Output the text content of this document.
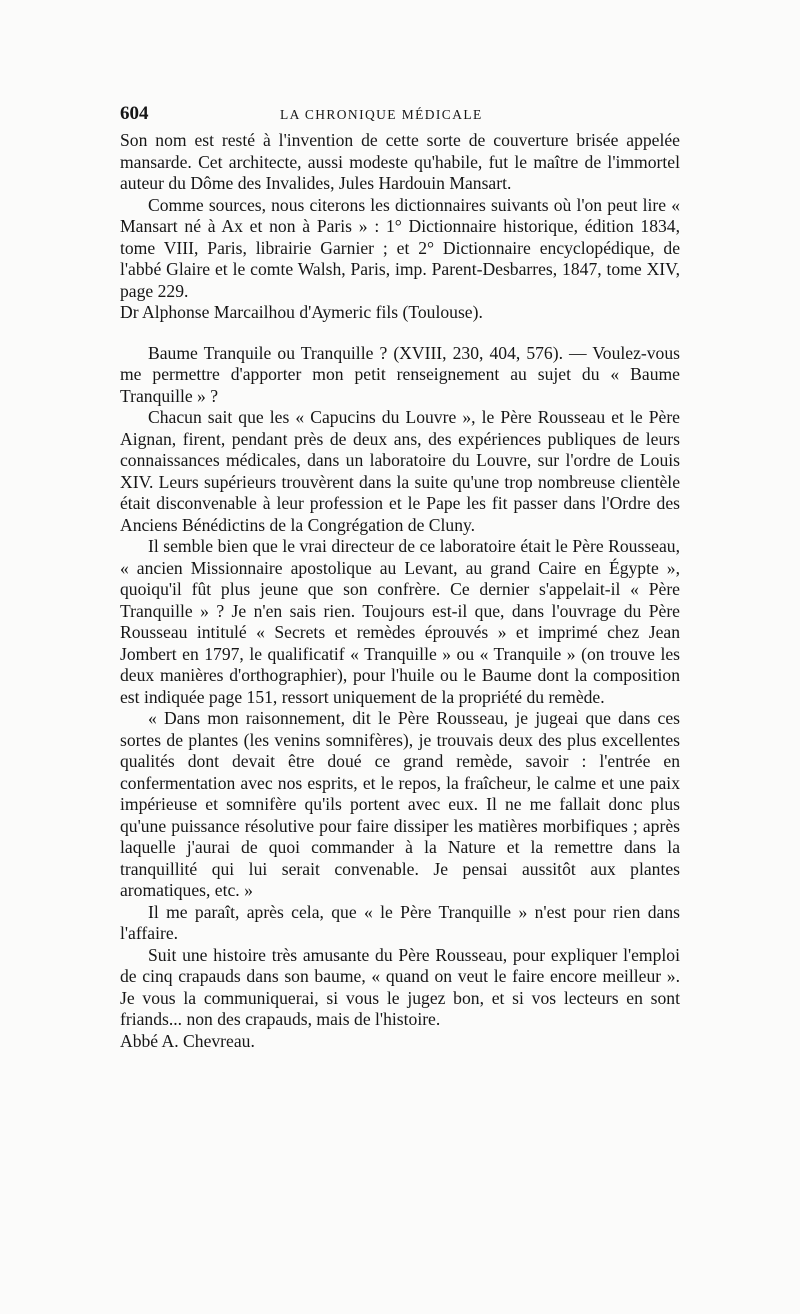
604	LA CHRONIQUE MÉDICALE

Son nom est resté à l'invention de cette sorte de couverture brisée appelée mansarde. Cet architecte, aussi modeste qu'habile, fut le maître de l'immortel auteur du Dôme des Invalides, Jules Hardouin Mansart.

Comme sources, nous citerons les dictionnaires suivants où l'on peut lire « Mansart né à Ax et non à Paris » : 1° Dictionnaire historique, édition 1834, tome VIII, Paris, librairie Garnier ; et 2° Dictionnaire encyclopédique, de l'abbé Glaire et le comte Walsh, Paris, imp. Parent-Desbarres, 1847, tome XIV, page 229.

Dr Alphonse Marcailhou d'Aymeric fils (Toulouse).

Baume Tranquile ou Tranquille ? (XVIII, 230, 404, 576). — Voulez-vous me permettre d'apporter mon petit renseignement au sujet du « Baume Tranquille » ?

Chacun sait que les « Capucins du Louvre », le Père Rousseau et le Père Aignan, firent, pendant près de deux ans, des expériences publiques de leurs connaissances médicales, dans un laboratoire du Louvre, sur l'ordre de Louis XIV. Leurs supérieurs trouvèrent dans la suite qu'une trop nombreuse clientèle était disconvenable à leur profession et le Pape les fit passer dans l'Ordre des Anciens Bénédictins de la Congrégation de Cluny.

Il semble bien que le vrai directeur de ce laboratoire était le Père Rousseau, « ancien Missionnaire apostolique au Levant, au grand Caire en Égypte », quoiqu'il fût plus jeune que son confrère. Ce dernier s'appelait-il « Père Tranquille » ? Je n'en sais rien. Toujours est-il que, dans l'ouvrage du Père Rousseau intitulé « Secrets et remèdes éprouvés » et imprimé chez Jean Jombert en 1797, le qualificatif « Tranquille » ou « Tranquile » (on trouve les deux manières d'orthographier), pour l'huile ou le Baume dont la composition est indiquée page 151, ressort uniquement de la propriété du remède.

« Dans mon raisonnement, dit le Père Rousseau, je jugeai que dans ces sortes de plantes (les venins somnifères), je trouvais deux des plus excellentes qualités dont devait être doué ce grand remède, savoir : l'entrée en confermentation avec nos esprits, et le repos, la fraîcheur, le calme et une paix impérieuse et somnifère qu'ils portent avec eux. Il ne me fallait donc plus qu'une puissance résolutive pour faire dissiper les matières morbifiques ; après laquelle j'aurai de quoi commander à la Nature et la remettre dans la tranquillité qui lui serait convenable. Je pensai aussitôt aux plantes aromatiques, etc. »

Il me paraît, après cela, que « le Père Tranquille » n'est pour rien dans l'affaire.

Suit une histoire très amusante du Père Rousseau, pour expliquer l'emploi de cinq crapauds dans son baume, « quand on veut le faire encore meilleur ». Je vous la communiquerai, si vous le jugez bon, et si vos lecteurs en sont friands... non des crapauds, mais de l'histoire.

Abbé A. Chevreau.
